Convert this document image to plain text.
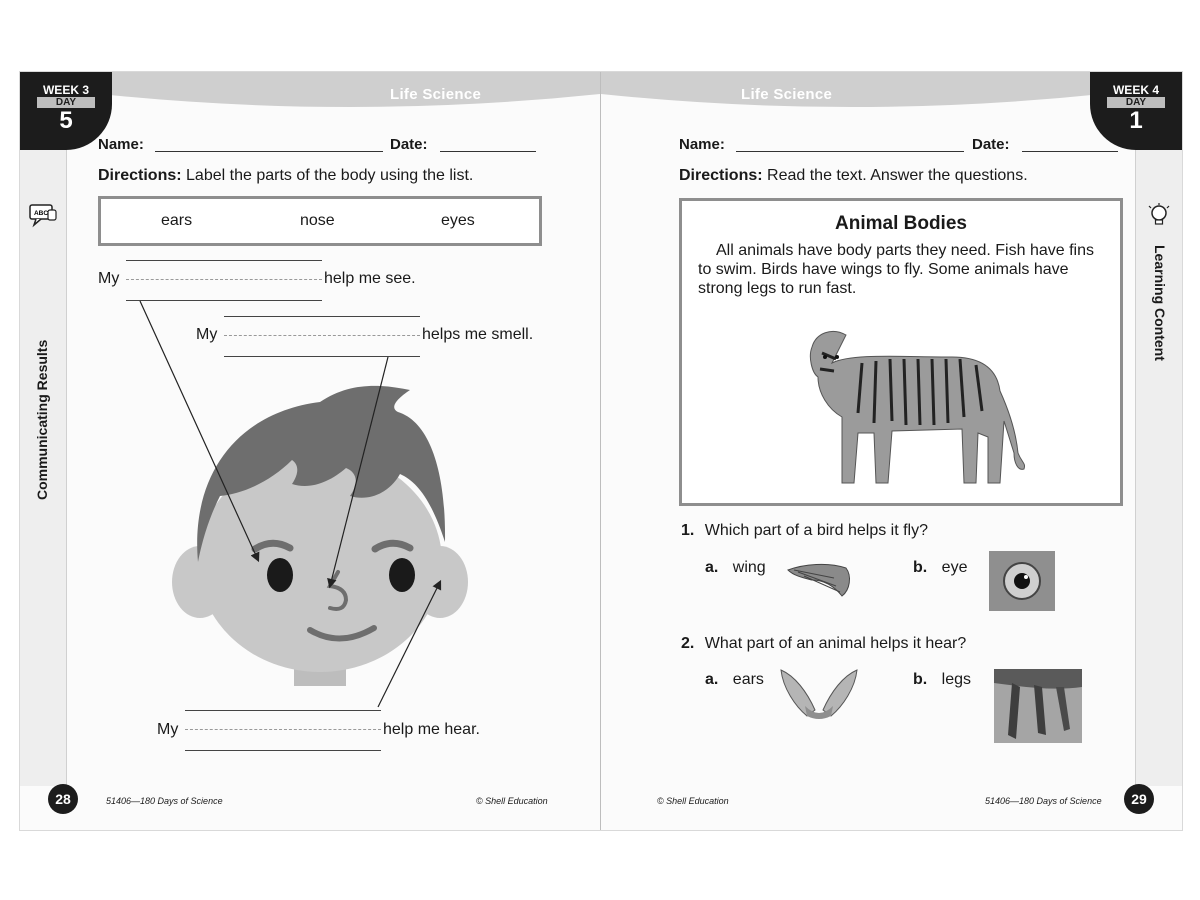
Life Science
WEEK 3
DAY
5
ABC
Communicating Results
Name:	Date:
Directions: Label the parts of the body using the list.
ears	nose	eyes
My	help me see.
My	helps me smell.
My	help me hear.
28	51406—180 Days of Science	© Shell Education
Life Science	WEEK 4
DAY
1
Learning Content
Name:	Date:
Directions: Read the text. Answer the questions.
Animal Bodies
All animals have body parts they need. Fish have fins to swim. Birds have wings to fly. Some animals have strong legs to run fast.
1. Which part of a bird helps it fly?
a. wing	b. eye
2. What part of an animal helps it hear?
a. ears	b. legs
29
© Shell Education	51406—180 Days of Science
